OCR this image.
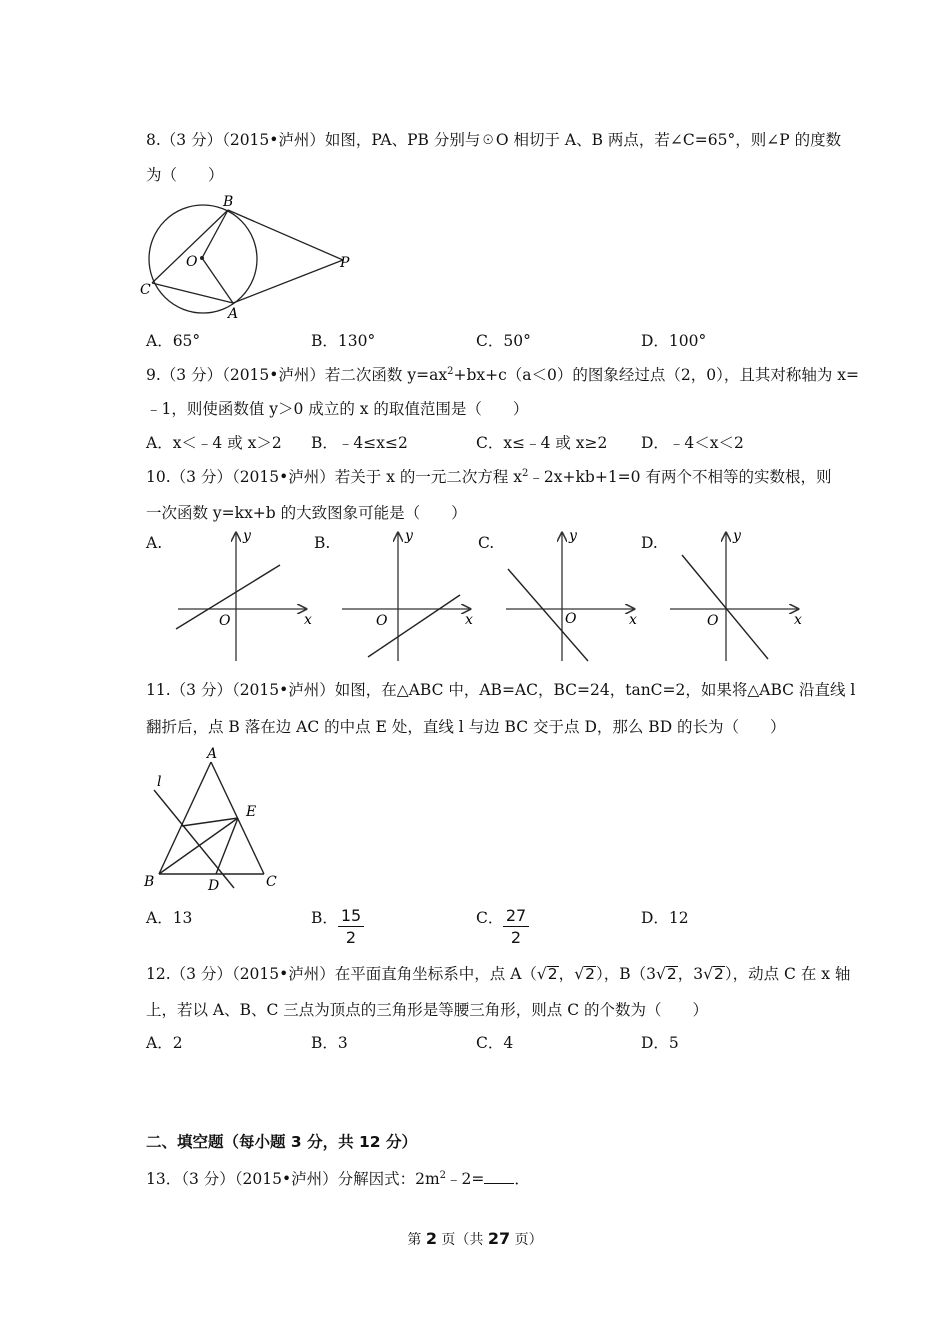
8.（3 分）（2015•泸州）如图，PA、PB 分别与☉O 相切于 A、B 两点，若∠C=65°，则∠P 的度数
为（　　）
B
O	P
C
A
A．65°	B．130°	C．50°	D．100°
9.（3 分）（2015•泸州）若二次函数 $y=ax^2+bx+c(a<0)$的图象经过点（2，0），且其对称轴为 x=
﹣1，则使函数值 y＞0 成立的 x 的取值范围是（　　）
A．x＜﹣4 或 x＞2 B．﹣4≤x≤2	C．x≤﹣4 或 x≥2 D．﹣4＜x＜2
10.（3 分）（2015•泸州）若关于 x 的一元二次方程 $x^2﹣2x+kb+1=0$ 有两个不相等的实数根，则
一次函数 y=kx+b 的大致图象可能是（　　）
A.	B.	C.	D.
y
x
O
y
x
O
y
x
O
y
x
O
11.（3 分）（2015•泸州）如图，在△ABC 中，AB=AC，BC=24，tanC=2，如果将△ABC 沿直线 l
翻折后，点 B 落在边 AC 的中点 E 处，直线 l 与边 BC 交于点 D，那么 BD 的长为（　　）
A
l
E
B	D	C
A．13	B． $\frac{15}{2}$	C． $\frac{27}{2}$	D．12
12.（3 分）（2015•泸州）在平面直角坐标系中，点 A（√2，√2），B（3√2，3√2），动点 C 在 x 轴
上，若以 A、B、C 三点为顶点的三角形是等腰三角形，则点 C 的个数为（　　）
A．2	B．3	C．4	D．5
二、填空题（每小题 3 分，共 12 分）
13．（3 分）（2015•泸州）分解因式：$2m^2﹣2=$ ．
第 2 页（共 27 页）
